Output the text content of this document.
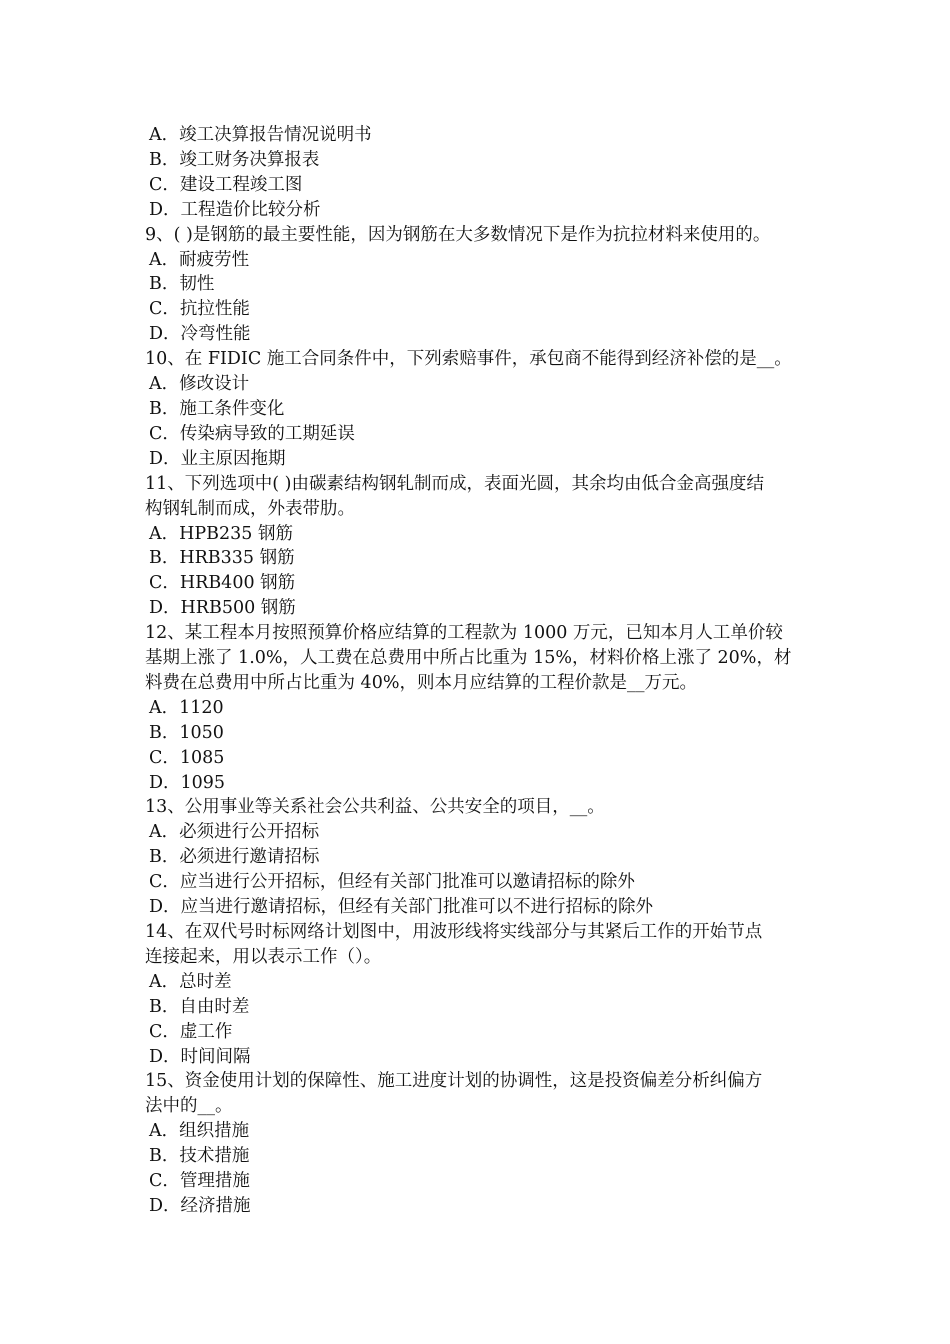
A．竣工决算报告情况说明书
B．竣工财务决算报表
C．建设工程竣工图
D．工程造价比较分析
9、( )是钢筋的最主要性能，因为钢筋在大多数情况下是作为抗拉材料来使用的。
A．耐疲劳性
B．韧性
C．抗拉性能
D．冷弯性能
10、在 FIDIC 施工合同条件中，下列索赔事件，承包商不能得到经济补偿的是__。
A．修改设计
B．施工条件变化
C．传染病导致的工期延误
D．业主原因拖期
11、下列选项中( )由碳素结构钢轧制而成，表面光圆，其余均由低合金高强度结
构钢轧制而成，外表带肋。
A．HPB235 钢筋
B．HRB335 钢筋
C．HRB400 钢筋
D．HRB500 钢筋
12、某工程本月按照预算价格应结算的工程款为 1000 万元，已知本月人工单价较
基期上涨了 1.0%，人工费在总费用中所占比重为 15%，材料价格上涨了 20%，材
料费在总费用中所占比重为 40%，则本月应结算的工程价款是__万元。
A．1120
B．1050
C．1085
D．1095
13、公用事业等关系社会公共利益、公共安全的项目，__。
A．必须进行公开招标
B．必须进行邀请招标
C．应当进行公开招标，但经有关部门批准可以邀请招标的除外
D．应当进行邀请招标，但经有关部门批准可以不进行招标的除外
14、在双代号时标网络计划图中，用波形线将实线部分与其紧后工作的开始节点
连接起来，用以表示工作（）。
A．总时差
B．自由时差
C．虚工作
D．时间间隔
15、资金使用计划的保障性、施工进度计划的协调性，这是投资偏差分析纠偏方
法中的__。
A．组织措施
B．技术措施
C．管理措施
D．经济措施
